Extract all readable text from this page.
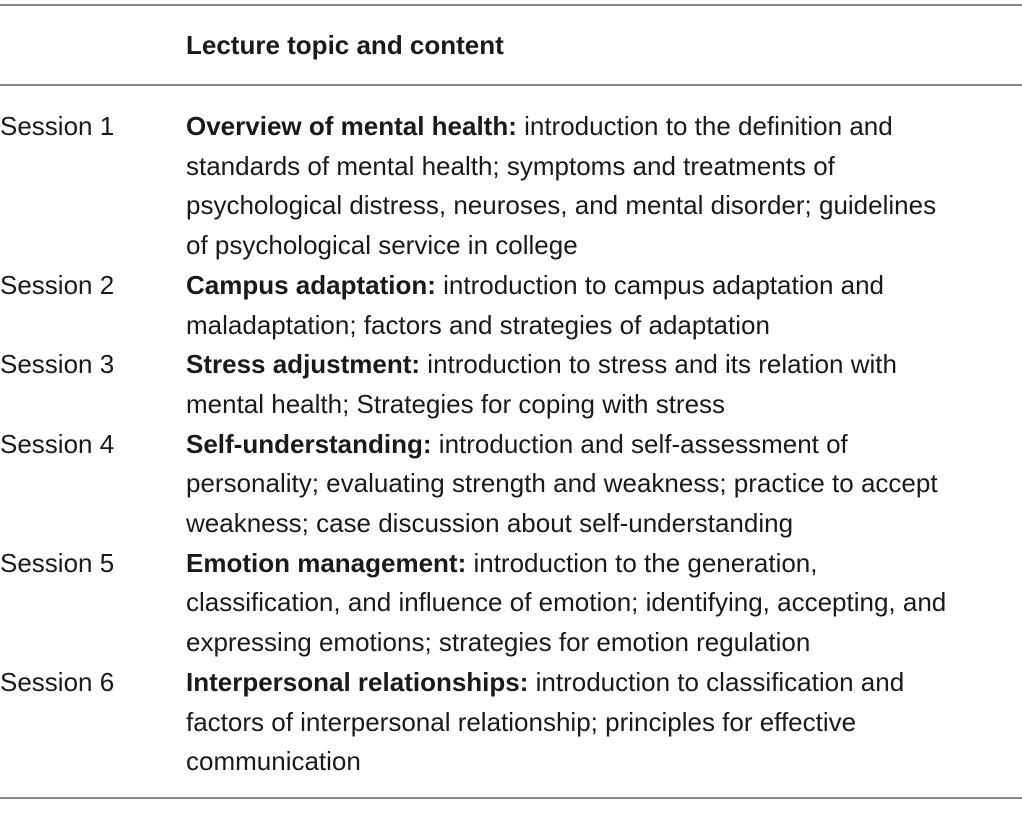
Lecture topic and content
Session 1	Overview of mental health: introduction to the definition and
standards of mental health; symptoms and treatments of
psychological distress, neuroses, and mental disorder; guidelines
of psychological service in college
Session 2	Campus adaptation: introduction to campus adaptation and
maladaptation; factors and strategies of adaptation
Session 3	Stress adjustment: introduction to stress and its relation with
mental health; Strategies for coping with stress
Session 4	Self-understanding: introduction and self-assessment of
personality; evaluating strength and weakness; practice to accept
weakness; case discussion about self-understanding
Session 5	Emotion management: introduction to the generation,
classification, and influence of emotion; identifying, accepting, and
expressing emotions; strategies for emotion regulation
Session 6	Interpersonal relationships: introduction to classification and
factors of interpersonal relationship; principles for effective
communication
